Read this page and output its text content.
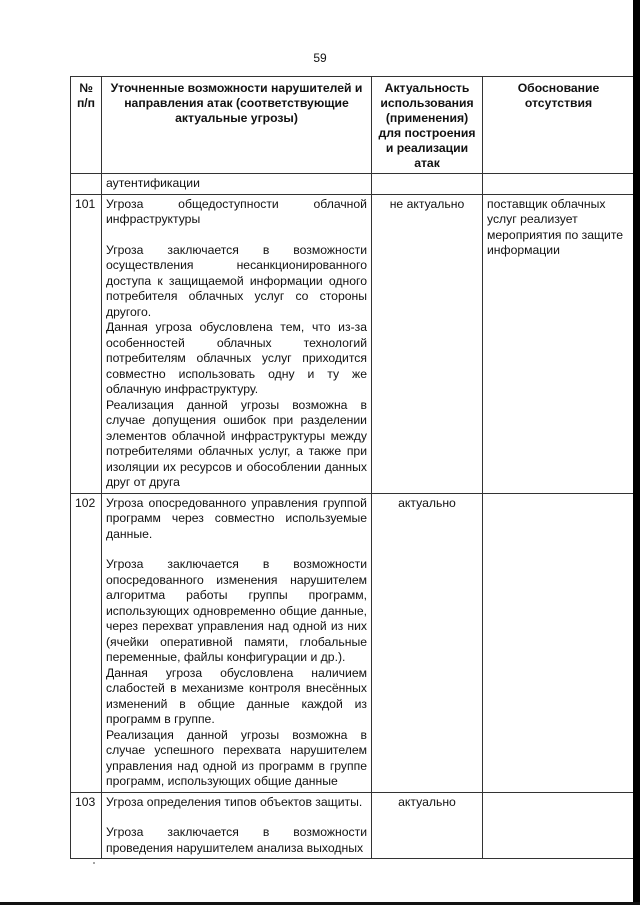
59
№ п/п	Уточненные возможности нарушителей и направления атак (соответствующие актуальные угрозы)	Актуальность использования (применения) для построения и реализации атак	Обоснование отсутствия
	аутентификации		
101	Угроза общедоступности облачной инфраструктуры

Угроза заключается в возможности осуществления несанкционированного доступа к защищаемой информации одного потребителя облачных услуг со стороны другого.

Данная угроза обусловлена тем, что из-за особенностей облачных технологий потребителям облачных услуг приходится совместно использовать одну и ту же облачную инфраструктуру.

Реализация данной угрозы возможна в случае допущения ошибок при разделении элементов облачной инфраструктуры между потребителями облачных услуг, а также при изоляции их ресурсов и обособлении данных друг от друга	не актуально	поставщик облачных услуг реализует мероприятия по защите информации
102	Угроза опосредованного управления группой программ через совместно используемые данные.

Угроза заключается в возможности опосредованного изменения нарушителем алгоритма работы группы программ, использующих одновременно общие данные, через перехват управления над одной из них (ячейки оперативной памяти, глобальные переменные, файлы конфигурации и др.).

Данная угроза обусловлена наличием слабостей в механизме контроля внесённых изменений в общие данные каждой из программ в группе.

Реализация данной угрозы возможна в случае успешного перехвата нарушителем управления над одной из программ в группе программ, использующих общие данные	актуально	
103	Угроза определения типов объектов защиты.

Угроза заключается в возможности проведения нарушителем анализа выходных	актуально	
